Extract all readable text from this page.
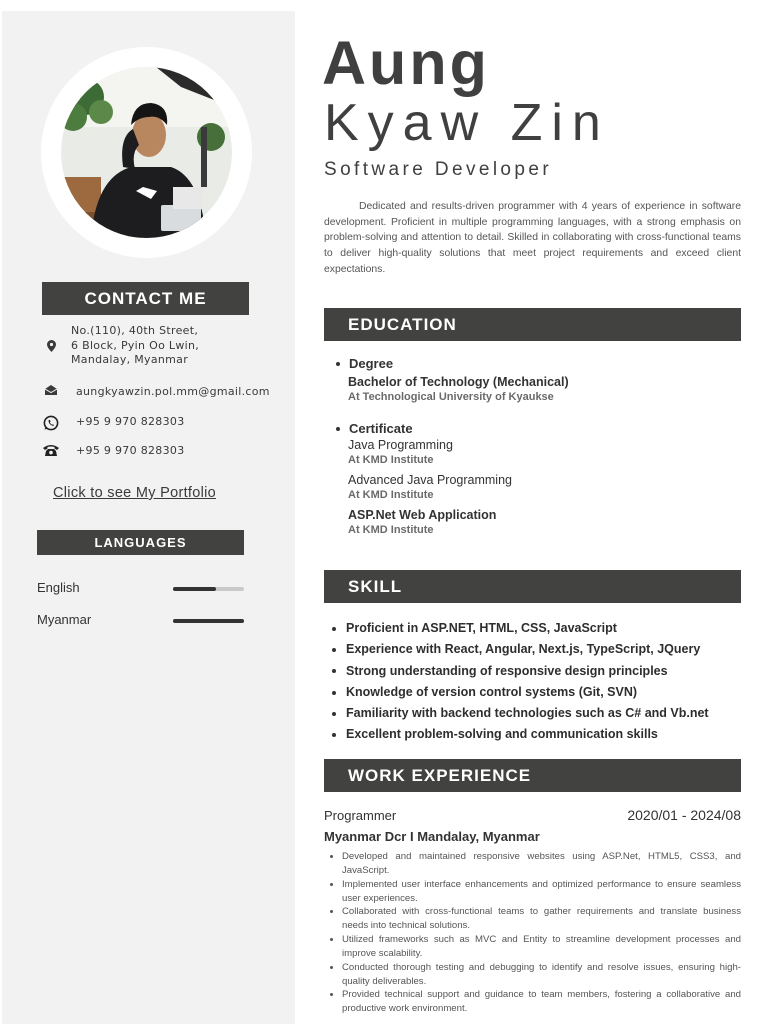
CONTACT ME
No.(110), 40th Street,
6 Block, Pyin Oo Lwin,
Mandalay, Myanmar
aungkyawzin.pol.mm@gmail.com
+95 9 970 828303
+95 9 970 828303
Click to see My Portfolio
LANGUAGES
English
Myanmar
Aung
Kyaw Zin
Software Developer

Dedicated and results-driven programmer with 4 years of experience in software development. Proficient in multiple programming languages, with a strong emphasis on problem-solving and attention to detail. Skilled in collaborating with cross-functional teams to deliver high-quality solutions that meet project requirements and exceed client expectations.

EDUCATION
Degree
Bachelor of Technology (Mechanical)
At Technological University of Kyaukse
Certificate
Java Programming
At KMD Institute
Advanced Java Programming
At KMD Institute
ASP.Net Web Application
At KMD Institute
SKILL
Proficient in ASP.NET, HTML, CSS, JavaScript
Experience with React, Angular, Next.js, TypeScript, JQuery
Strong understanding of responsive design principles
Knowledge of version control systems (Git, SVN)
Familiarity with backend technologies such as C# and Vb.net
Excellent problem-solving and communication skills
WORK EXPERIENCE
Programmer	2020/01 - 2024/08
Myanmar Dcr I Mandalay, Myanmar
Developed and maintained responsive websites using ASP.Net, HTML5, CSS3, and JavaScript.
Implemented user interface enhancements and optimized performance to ensure seamless user experiences.
Collaborated with cross-functional teams to gather requirements and translate business needs into technical solutions.
Utilized frameworks such as MVC and Entity to streamline development processes and improve scalability.
Conducted thorough testing and debugging to identify and resolve issues, ensuring high-quality deliverables.
Provided technical support and guidance to team members, fostering a collaborative and productive work environment.
